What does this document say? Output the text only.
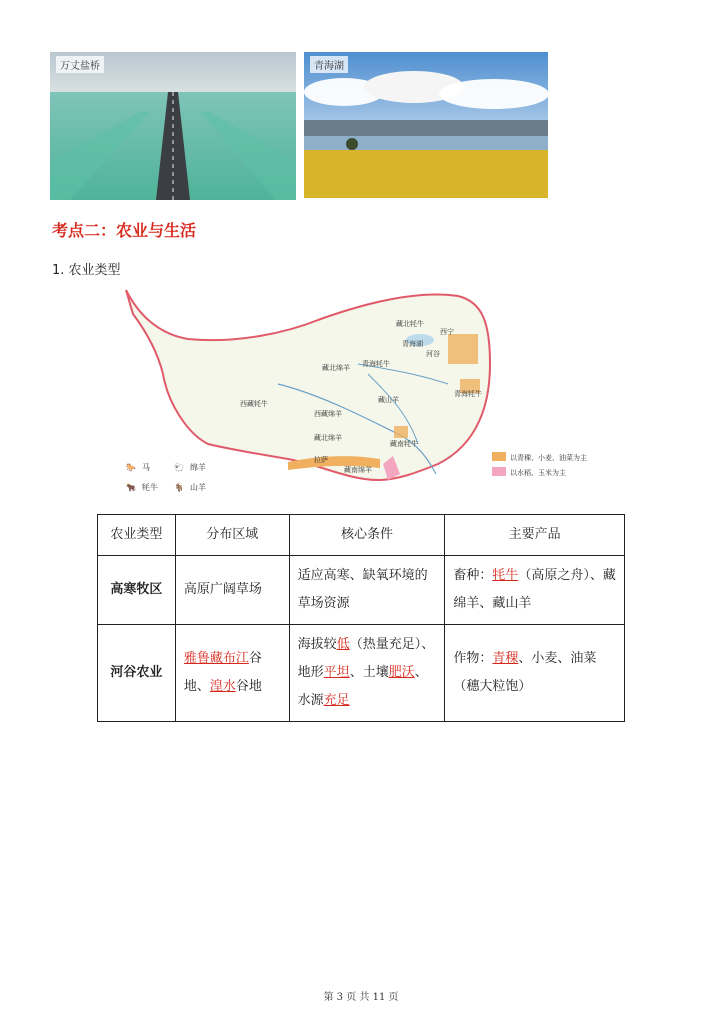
万丈盐桥	青海湖
考点二：农业与生活
1. 农业类型
藏北牦牛
西宁
青海牦牛
青海湖
河谷
藏北绵羊
青海牦牛
西藏牦牛
西藏绵羊
藏山羊
藏北绵羊
藏南牦牛
拉萨
藏南绵羊
🐎 马	🐑 绵羊
🐂 牦牛 🐐 山羊
以青稞、小麦、油菜为主
以水稻、玉米为主
农业类型	分布区域	核心条件	主要产品
高寒牧区	高原广阔草场	适应高寒、缺氧环境的草场资源	畜种：牦牛（高原之舟）、藏绵羊、藏山羊
河谷农业	雅鲁藏布江谷地、湟水谷地	海拔较低（热量充足）、地形平坦、土壤肥沃、水源充足	作物：青稞、小麦、油菜（穗大粒饱）
第 3 页 共 11 页
